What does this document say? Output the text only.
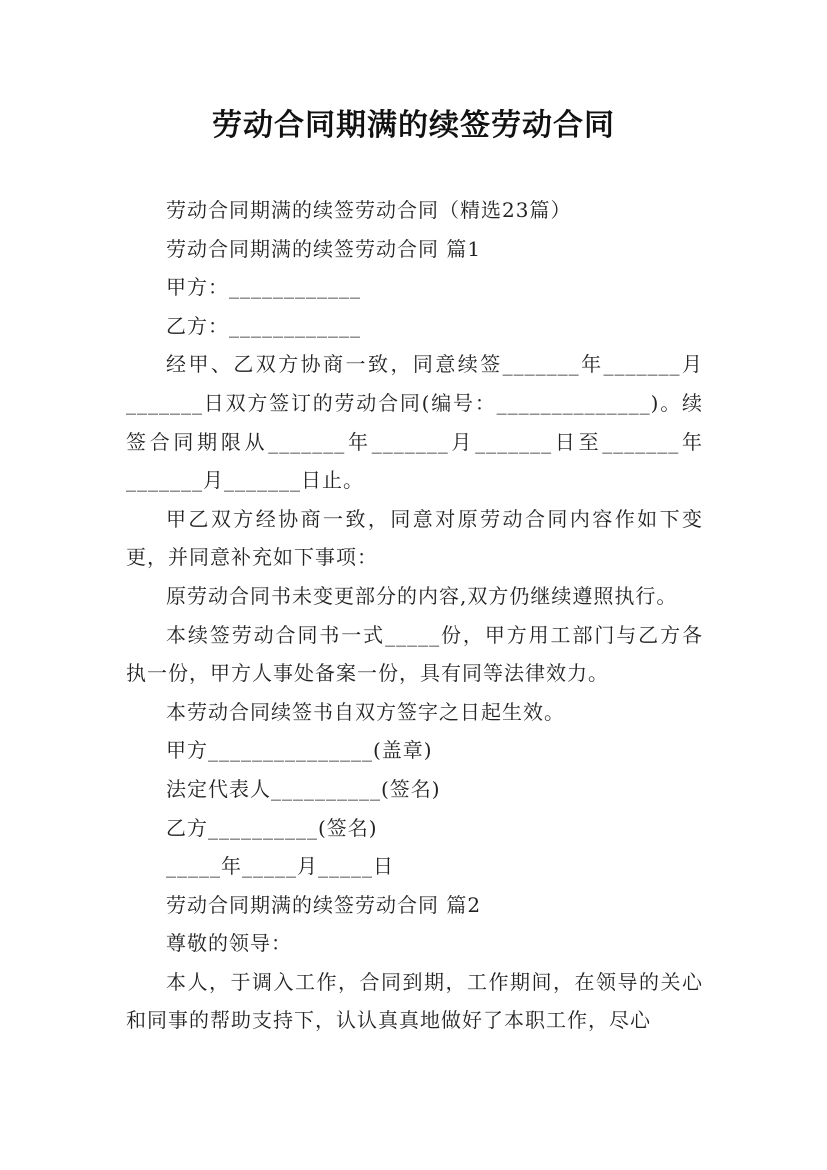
劳动合同期满的续签劳动合同

劳动合同期满的续签劳动合同（精选23篇）

劳动合同期满的续签劳动合同 篇1

甲方：____________

乙方：____________

经甲、乙双方协商一致，同意续签_______年_______月_______日双方签订的劳动合同(编号：______________)。续签合同期限从_______年_______月_______日至_______年_______月_______日止。

甲乙双方经协商一致，同意对原劳动合同内容作如下变更，并同意补充如下事项：

原劳动合同书未变更部分的内容,双方仍继续遵照执行。

本续签劳动合同书一式_____份，甲方用工部门与乙方各执一份，甲方人事处备案一份，具有同等法律效力。

本劳动合同续签书自双方签字之日起生效。

甲方_______________(盖章)

法定代表人__________(签名)

乙方__________(签名)

_____年_____月_____日

劳动合同期满的续签劳动合同 篇2

尊敬的领导：

本人，于调入工作，合同到期，工作期间，在领导的关心和同事的帮助支持下，认认真真地做好了本职工作，尽心
